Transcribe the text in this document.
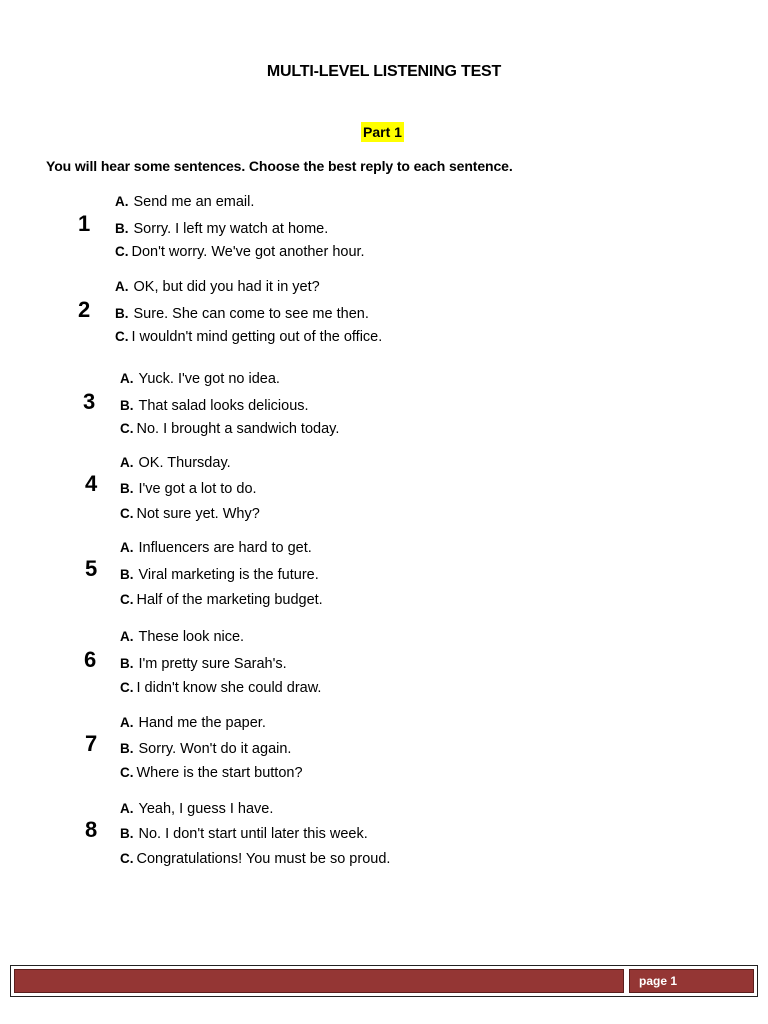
MULTI-LEVEL LISTENING TEST
Part 1
You will hear some sentences. Choose the best reply to each sentence.
1
A. Send me an email.
B. Sorry. I left my watch at home.
C. Don't worry. We've got another hour.
2
A. OK, but did you had it in yet?
B. Sure. She can come to see me then.
C. I wouldn't mind getting out of the office.
3
A. Yuck. I've got no idea.
B. That salad looks delicious.
C. No. I brought a sandwich today.
4
A. OK. Thursday.
B. I've got a lot to do.
C. Not sure yet. Why?
5
A. Influencers are hard to get.
B. Viral marketing is the future.
C. Half of the marketing budget.
6
A. These look nice.
B. I'm pretty sure Sarah's.
C. I didn't know she could draw.
7
A. Hand me the paper.
B. Sorry. Won't do it again.
C. Where is the start button?
8
A. Yeah, I guess I have.
B. No. I don't start until later this week.
C. Congratulations! You must be so proud.
page 1
